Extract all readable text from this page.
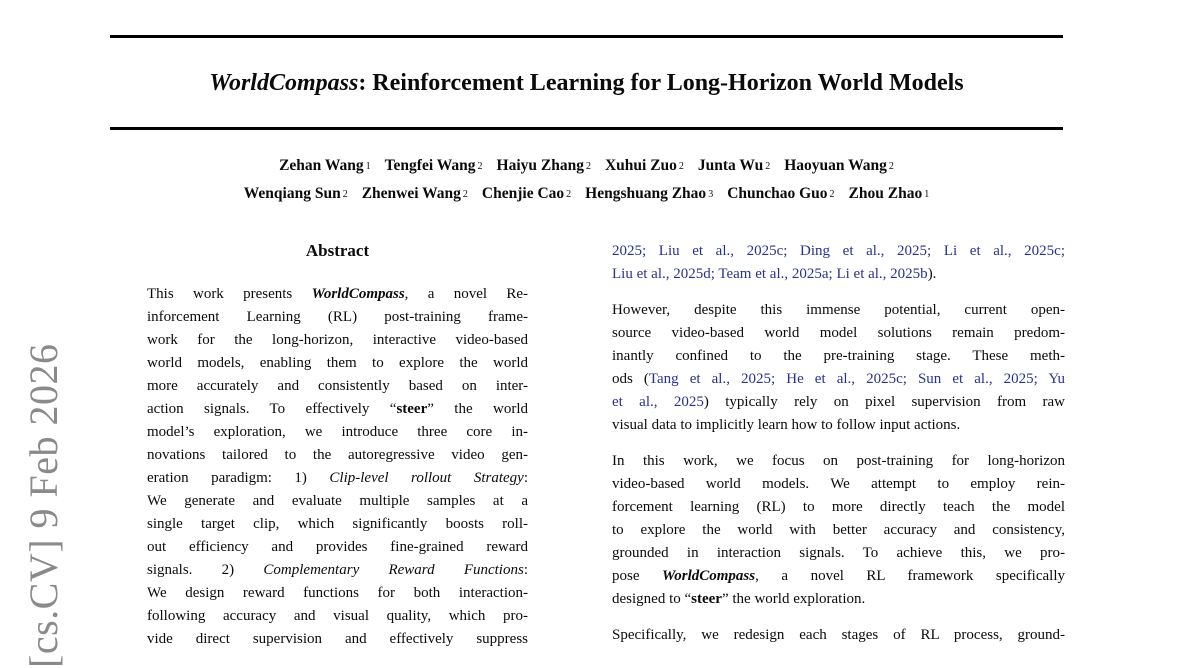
[cs.CV] 9 Feb 2026
WorldCompass: Reinforcement Learning for Long-Horizon World Models
Zehan Wang 1 Tengfei Wang 2 Haiyu Zhang 2 Xuhui Zuo 2 Junta Wu 2 Haoyuan Wang 2
Wenqiang Sun 2 Zhenwei Wang 2 Chenjie Cao 2 Hengshuang Zhao 3 Chunchao Guo 2 Zhou Zhao 1
Abstract
This work presents WorldCompass, a novel Re-
inforcement Learning (RL) post-training frame-
work for the long-horizon, interactive video-based
world models, enabling them to explore the world
more accurately and consistently based on inter-
action signals. To effectively “steer” the world
model’s exploration, we introduce three core in-
novations tailored to the autoregressive video gen-
eration paradigm: 1) Clip-level rollout Strategy:
We generate and evaluate multiple samples at a
single target clip, which significantly boosts roll-
out efficiency and provides fine-grained reward
signals. 2) Complementary Reward Functions:
We design reward functions for both interaction-
following accuracy and visual quality, which pro-
vide direct supervision and effectively suppress
2025; Liu et al., 2025c; Ding et al., 2025; Li et al., 2025c;
Liu et al., 2025d; Team et al., 2025a; Li et al., 2025b).
However, despite this immense potential, current open-
source video-based world model solutions remain predom-
inantly confined to the pre-training stage. These meth-
ods (Tang et al., 2025; He et al., 2025c; Sun et al., 2025; Yu
et al., 2025) typically rely on pixel supervision from raw
visual data to implicitly learn how to follow input actions.
In this work, we focus on post-training for long-horizon
video-based world models. We attempt to employ rein-
forcement learning (RL) to more directly teach the model
to explore the world with better accuracy and consistency,
grounded in interaction signals. To achieve this, we pro-
pose WorldCompass, a novel RL framework specifically
designed to “steer” the world exploration.
Specifically, we redesign each stages of RL process, ground-
